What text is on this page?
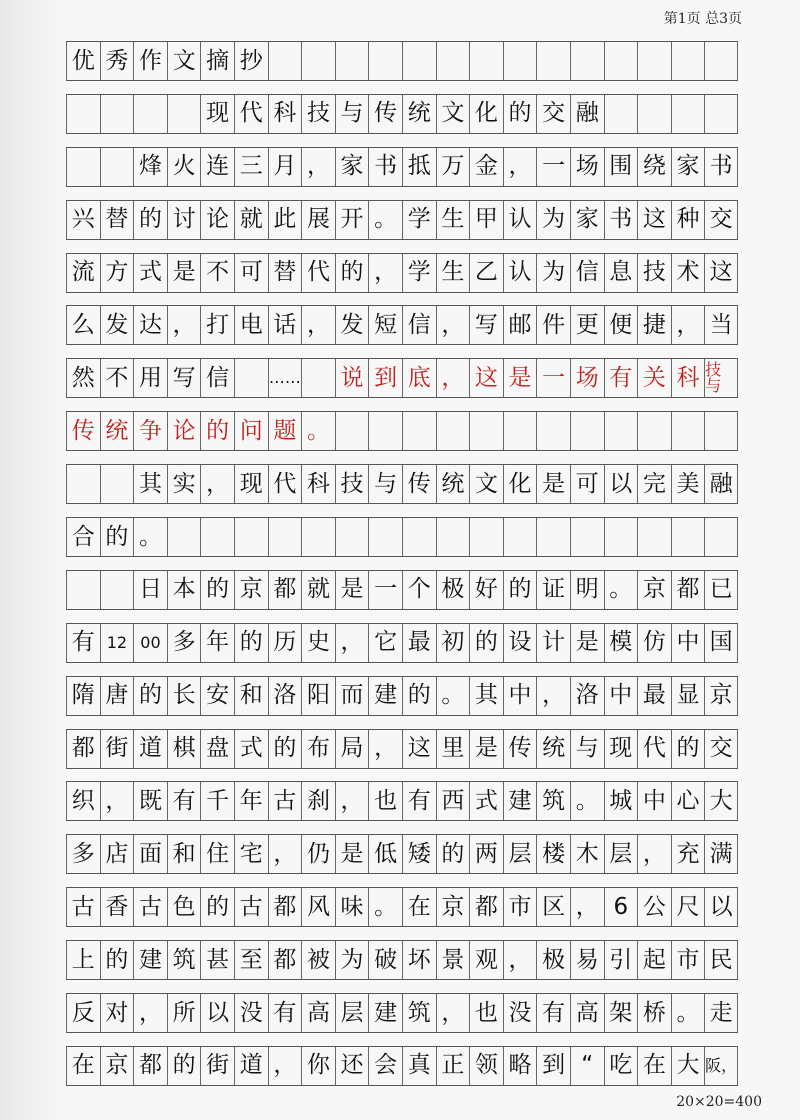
第1页 总3页
优 秀 作 文 摘 抄
现 代 科 技 与 传 统 文 化 的 交 融
烽 火 连 三 月 ， 家 书 抵 万 金 ， 一 场 围 绕 家 书
兴 替 的 讨 论 就 此 展 开 。 学 生 甲 认 为 家 书 这 种 交
流 方 式 是 不 可 替 代 的 ， 学 生 乙 认 为 信 息 技 术 这
么 发 达 ， 打 电 话 ， 发 短 信 ， 写 邮 件 更 便 捷 ， 当
然 不 用 写 信 …… 说 到 底 ， 这 是 一 场 有 关 科 技与
传 统 争 论 的 问 题 。
其 实 ， 现 代 科 技 与 传 统 文 化 是 可 以 完 美 融
合 的 。
日 本 的 京 都 就 是 一 个 极 好 的 证 明 。 京 都 已
有 12 00 多 年 的 历 史 ， 它 最 初 的 设 计 是 模 仿 中 国
隋 唐 的 长 安 和 洛 阳 而 建 的 。 其 中 ， 洛 中 最 显 京
都 街 道 棋 盘 式 的 布 局 ， 这 里 是 传 统 与 现 代 的 交
织 ， 既 有 千 年 古 刹 ， 也 有 西 式 建 筑 。 城 中 心 大
多 店 面 和 住 宅 ， 仍 是 低 矮 的 两 层 楼 木 层 ， 充 满
古 香 古 色 的 古 都 风 味 。 在 京 都 市 区 ， 6 公 尺 以
上 的 建 筑 甚 至 都 被 为 破 坏 景 观 ， 极 易 引 起 市 民
反 对 ， 所 以 没 有 高 层 建 筑 ， 也 没 有 高 架 桥 。 走
在 京 都 的 街 道 ， 你 还 会 真 正 领 略 到 “ 吃 在 大 阪，
20×20=400
